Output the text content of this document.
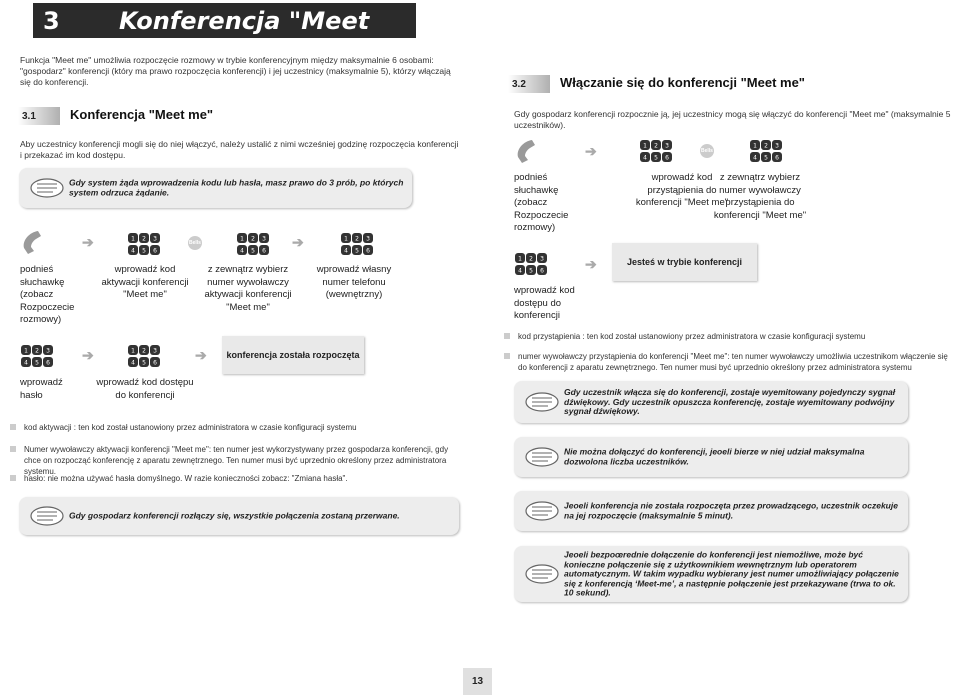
3 Konferencja "Meet me"
Funkcja "Meet me" umożliwia rozpoczęcie rozmowy w trybie konferencyjnym między maksymalnie 6 osobami: "gospodarz" konferencji (który ma prawo rozpoczęcia konferencji) i jej uczestnicy (maksymalnie 5), którzy włączają się do konferencji.
3.1	Konferencja "Meet me"
Aby uczestnicy konferencji mogli się do niej włączyć, należy ustalić z nimi wcześniej godzinę rozpoczęcia konferencji i przekazać im kod dostępu.
Gdy system żąda wprowadzenia kodu lub hasła, masz prawo do 3 prób, po których system odrzuca żądanie.
➔	1 2 3
4 5 6
Bells
1 2 3
4 5 6
➔	1 2 3
4 5 6
podnieś słuchawkę (zobacz Rozpoczecie rozmowy)
wprowadź kod aktywacji konferencji "Meet me"
z zewnątrz wybierz numer wywoławczy aktywacji konferencji "Meet me"
wprowadź własny numer telefonu (wewnętrzny)
1 2 3
4 5 6 ➔	1 2 3
4 5 6	➔	konferencja została rozpoczęta
wprowadź hasło
wprowadź kod dostępu do konferencji
kod aktywacji : ten kod został ustanowiony przez administratora w czasie konfiguracji systemu
Numer wywoławczy aktywacji konferencji "Meet me": ten numer jest wykorzystywany przez gospodarza konferencji, gdy chce on rozpocząć konferencję z aparatu zewnętrznego. Ten numer musi być uprzednio określony przez administratora systemu.
hasło: nie można używać hasła domyślnego. W razie konieczności zobacz: "Zmiana hasła".
Gdy gospodarz konferencji rozłączy się, wszystkie połączenia zostaną przerwane.
3.2	Włączanie się do konferencji "Meet me"
Gdy gospodarz konferencji rozpocznie ją, jej uczestnicy mogą się włączyć do konferencji "Meet me" (maksymalnie 5 uczestników).
➔	1 2 3
4 5 6
Bells
1 2 3
4 5 6
podnieś słuchawkę (zobacz Rozpoczecie rozmowy)
wprowadź kod przystąpienia do konferencji "Meet me"
z zewnątrz wybierz numer wywoławczy przystąpienia do konferencji "Meet me"
1 2 3
4 5 6	➔	Jesteś w trybie konferencji
wprowadź kod dostępu do konferencji
kod przystąpienia : ten kod został ustanowiony przez administratora w czasie konfiguracji systemu
numer wywoławczy przystąpienia do konferencji "Meet me": ten numer wywoławczy umożliwia uczestnikom włączenie się do konferencji z aparatu zewnętrznego. Ten numer musi być uprzednio określony przez administratora systemu
Gdy uczestnik włącza się do konferencji, zostaje wyemitowany pojedynczy sygnał dźwiękowy. Gdy uczestnik opuszcza konferencję, zostaje wyemitowany podwójny sygnał dźwiękowy.
Nie można dołączyć do konferencji, jeoeli bierze w niej udział maksymalna dozwolona liczba uczestników.
Jeoeli konferencja nie została rozpoczęta przez prowadzącego, uczestnik oczekuje na jej rozpoczęcie (maksymalnie 5 minut).
Jeoeli bezpoœrednie dołączenie do konferencji jest niemożliwe, może być konieczne połączenie się z użytkownikiem wewnętrznym lub operatorem automatycznym. W takim wypadku wybierany jest numer umożliwiający połączenie się z konferencją ‘Meet-me’, a następnie połączenie jest przekazywane (trwa to ok. 10 sekund).
13
